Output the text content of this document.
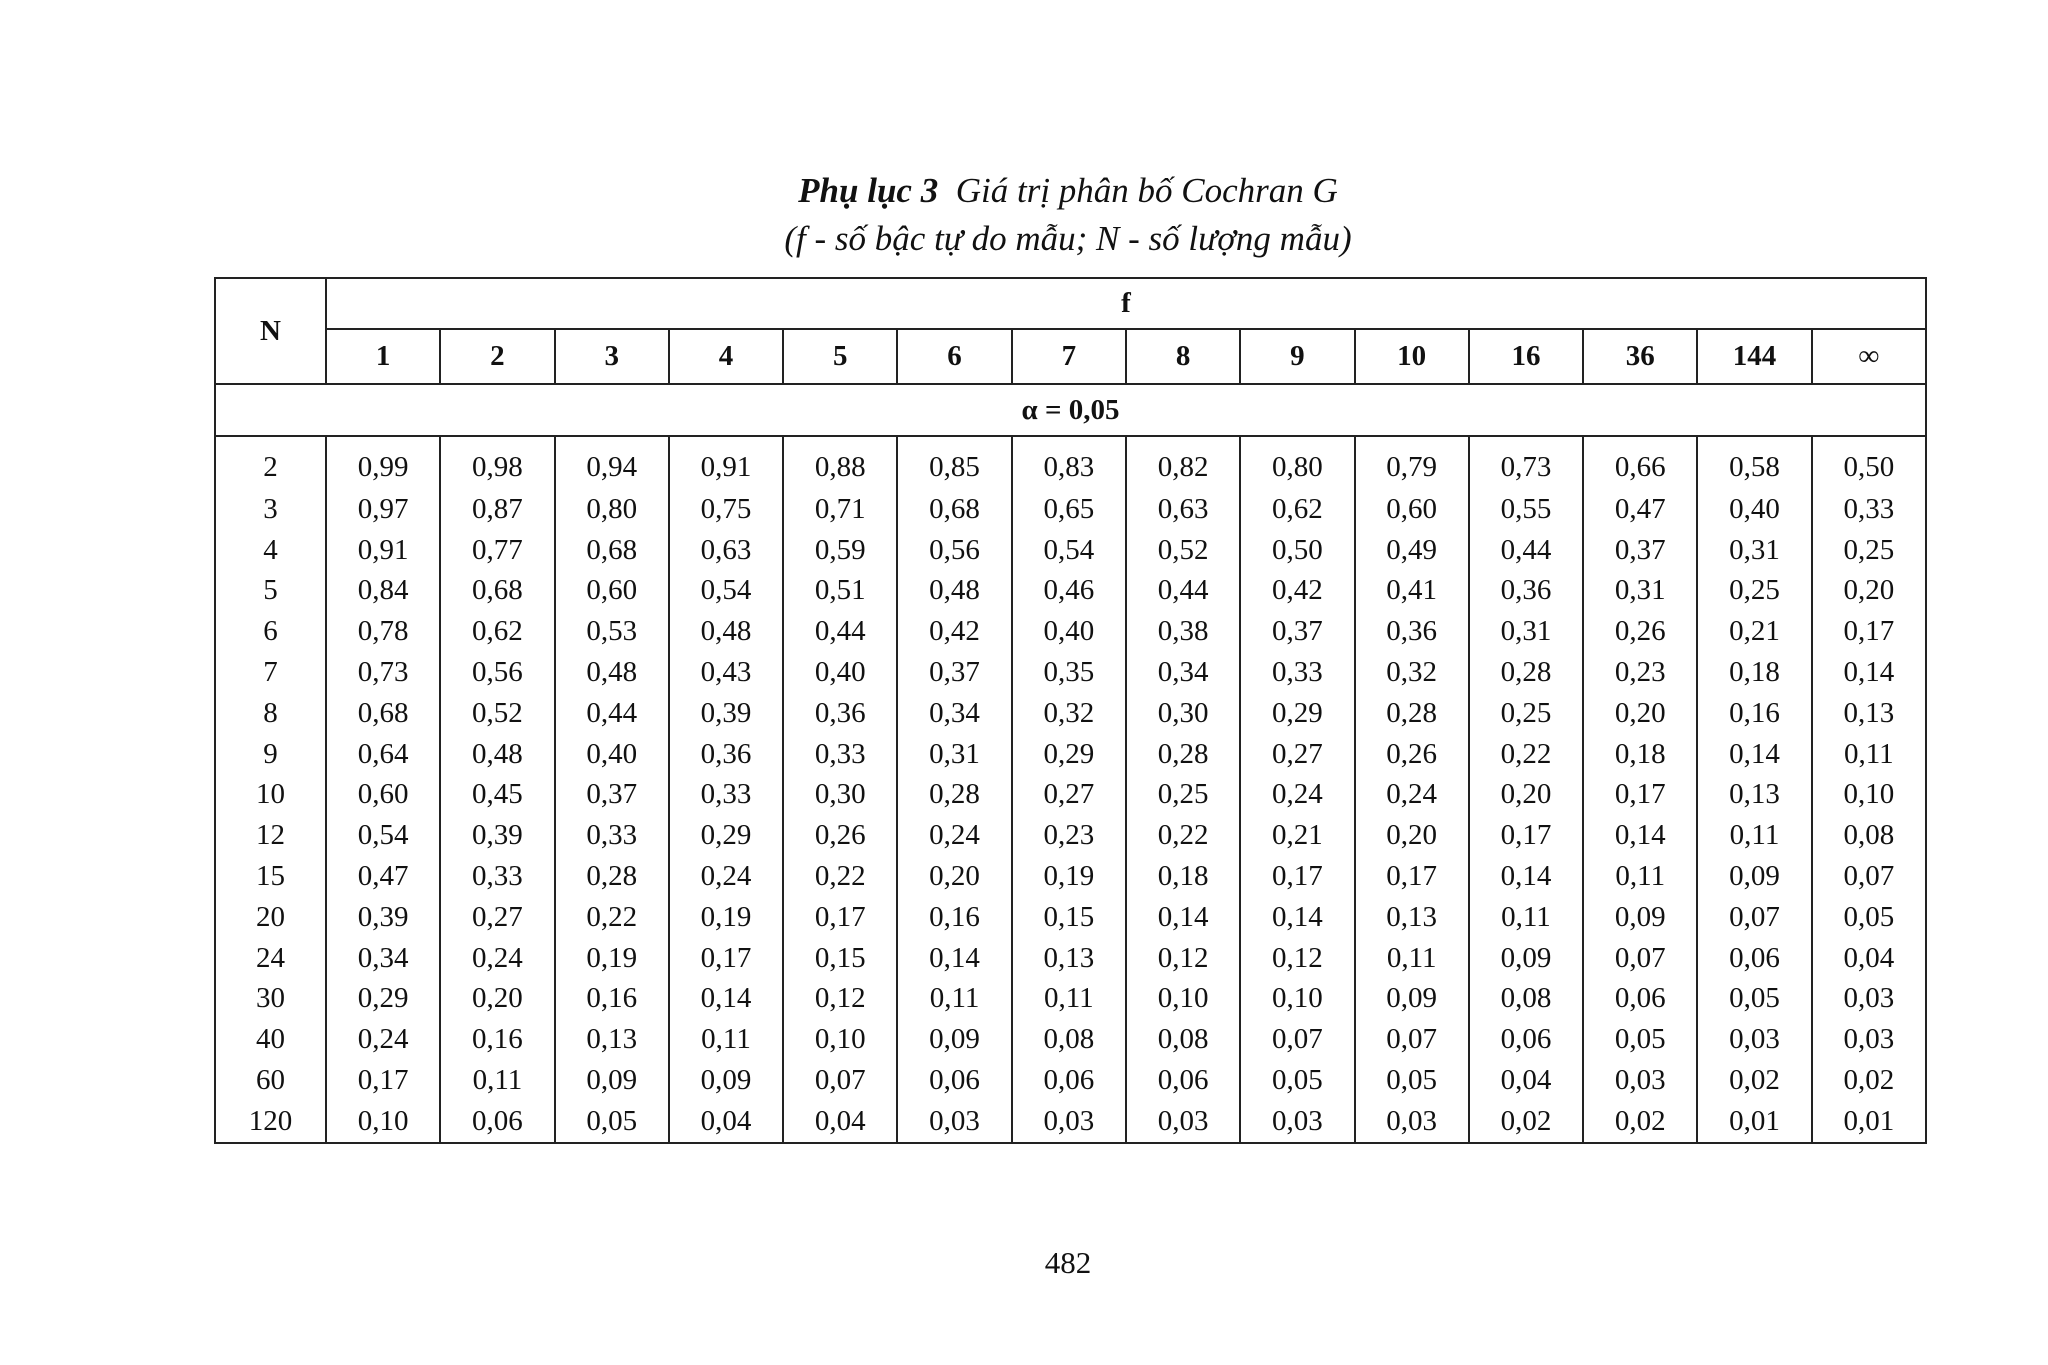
Phụ lục 3 Giá trị phân bố Cochran G
(f - số bậc tự do mẫu; N - số lượng mẫu)
N	f													
	1	2	3	4	5	6	7	8	9	10	16	36	144	∞
α = 0,05														
2	0,99	0,98	0,94	0,91	0,88	0,85	0,83	0,82	0,80	0,79	0,73	0,66	0,58	0,50
3	0,97	0,87	0,80	0,75	0,71	0,68	0,65	0,63	0,62	0,60	0,55	0,47	0,40	0,33
4	0,91	0,77	0,68	0,63	0,59	0,56	0,54	0,52	0,50	0,49	0,44	0,37	0,31	0,25
5	0,84	0,68	0,60	0,54	0,51	0,48	0,46	0,44	0,42	0,41	0,36	0,31	0,25	0,20
6	0,78	0,62	0,53	0,48	0,44	0,42	0,40	0,38	0,37	0,36	0,31	0,26	0,21	0,17
7	0,73	0,56	0,48	0,43	0,40	0,37	0,35	0,34	0,33	0,32	0,28	0,23	0,18	0,14
8	0,68	0,52	0,44	0,39	0,36	0,34	0,32	0,30	0,29	0,28	0,25	0,20	0,16	0,13
9	0,64	0,48	0,40	0,36	0,33	0,31	0,29	0,28	0,27	0,26	0,22	0,18	0,14	0,11
10	0,60	0,45	0,37	0,33	0,30	0,28	0,27	0,25	0,24	0,24	0,20	0,17	0,13	0,10
12	0,54	0,39	0,33	0,29	0,26	0,24	0,23	0,22	0,21	0,20	0,17	0,14	0,11	0,08
15	0,47	0,33	0,28	0,24	0,22	0,20	0,19	0,18	0,17	0,17	0,14	0,11	0,09	0,07
20	0,39	0,27	0,22	0,19	0,17	0,16	0,15	0,14	0,14	0,13	0,11	0,09	0,07	0,05
24	0,34	0,24	0,19	0,17	0,15	0,14	0,13	0,12	0,12	0,11	0,09	0,07	0,06	0,04
30	0,29	0,20	0,16	0,14	0,12	0,11	0,11	0,10	0,10	0,09	0,08	0,06	0,05	0,03
40	0,24	0,16	0,13	0,11	0,10	0,09	0,08	0,08	0,07	0,07	0,06	0,05	0,03	0,03
60	0,17	0,11	0,09	0,09	0,07	0,06	0,06	0,06	0,05	0,05	0,04	0,03	0,02	0,02
120	0,10	0,06	0,05	0,04	0,04	0,03	0,03	0,03	0,03	0,03	0,02	0,02	0,01	0,01
482
